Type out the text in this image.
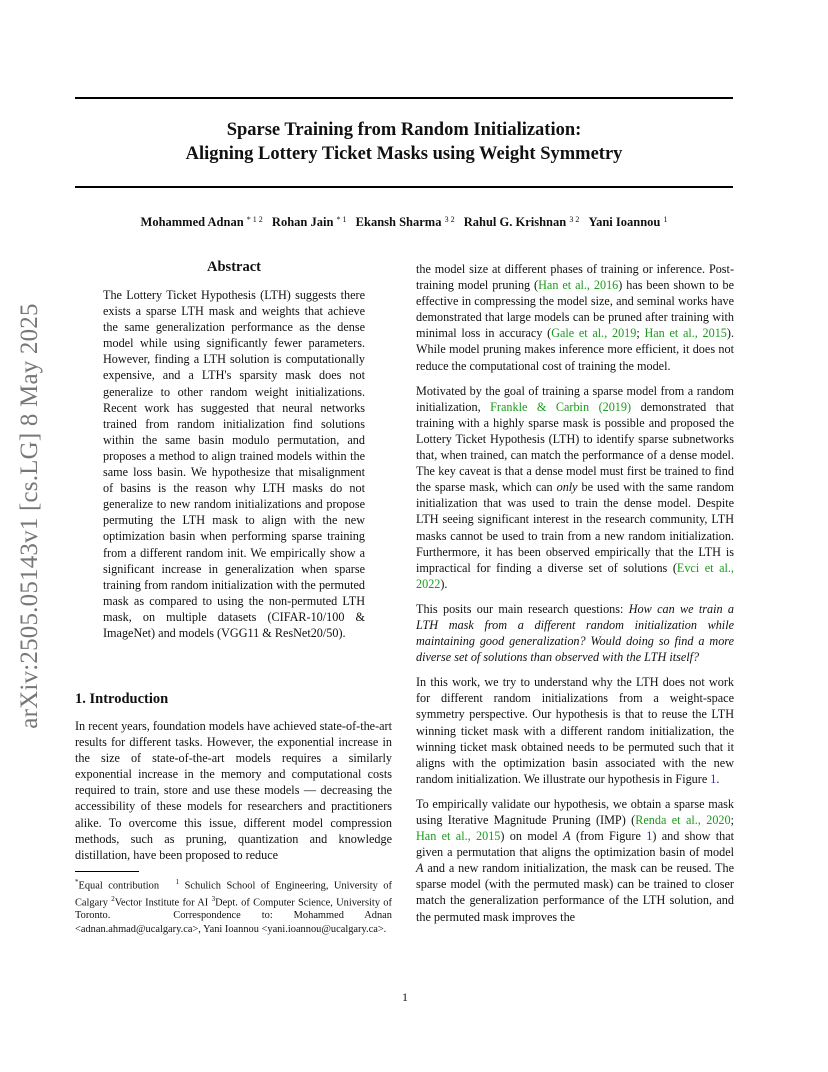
Sparse Training from Random Initialization:
Aligning Lottery Ticket Masks using Weight Symmetry
Mohammed Adnan $^{* 1 2}$ Rohan Jain $^{* 1}$ Ekansh Sharma $^{3 2}$ Rahul G. Krishnan $^{3 2}$ Yani Ioannou $^1$
arXiv:2505.05143v1 [cs.LG] 8 May 2025
Abstract
The Lottery Ticket Hypothesis (LTH) suggests there exists a sparse LTH mask and weights that achieve the same generalization performance as the dense model while using significantly fewer parameters. However, finding a LTH solution is computationally expensive, and a LTH's sparsity mask does not generalize to other random weight initializations. Recent work has suggested that neural networks trained from random initialization find solutions within the same basin modulo permutation, and proposes a method to align trained models within the same loss basin. We hypothesize that misalignment of basins is the reason why LTH masks do not generalize to new random initializations and propose permuting the LTH mask to align with the new optimization basin when performing sparse training from a different random init. We empirically show a significant increase in generalization when sparse training from random initialization with the permuted mask as compared to using the non-permuted LTH mask, on multiple datasets (CIFAR-10/100 & ImageNet) and models (VGG11 & ResNet20/50).
1. Introduction
In recent years, foundation models have achieved state-of-the-art results for different tasks. However, the exponential increase in the size of state-of-the-art models requires a similarly exponential increase in the memory and computational costs required to train, store and use these models — decreasing the accessibility of these models for researchers and practitioners alike. To overcome this issue, different model compression methods, such as pruning, quantization and knowledge distillation, have been proposed to reduce
*Equal contribution $^1$ Schulich School of Engineering, University of Calgary $^2$Vector Institute for AI $^3$Dept. of Computer Science, University of Toronto.	Correspondence to: Mohammed Adnan <adnan.ahmad@ucalgary.ca>, Yani Ioannou <yani.ioannou@ucalgary.ca>.

the model size at different phases of training or inference. Post-training model pruning (Han et al., 2016) has been shown to be effective in compressing the model size, and seminal works have demonstrated that large models can be pruned after training with minimal loss in accuracy (Gale et al., 2019; Han et al., 2015). While model pruning makes inference more efficient, it does not reduce the computational cost of training the model.

Motivated by the goal of training a sparse model from a random initialization, Frankle & Carbin (2019) demonstrated that training with a highly sparse mask is possible and proposed the Lottery Ticket Hypothesis (LTH) to identify sparse subnetworks that, when trained, can match the performance of a dense model. The key caveat is that a dense model must first be trained to find the sparse mask, which can only be used with the same random initialization that was used to train the dense model. Despite LTH seeing significant interest in the research community, LTH masks cannot be used to train from a new random initialization. Furthermore, it has been observed empirically that the LTH is impractical for finding a diverse set of solutions (Evci et al., 2022).

This posits our main research questions: How can we train a LTH mask from a different random initialization while maintaining good generalization? Would doing so find a more diverse set of solutions than observed with the LTH itself?

In this work, we try to understand why the LTH does not work for different random initializations from a weight-space symmetry perspective. Our hypothesis is that to reuse the LTH winning ticket mask with a different random initialization, the winning ticket mask obtained needs to be permuted such that it aligns with the optimization basin associated with the new random initialization. We illustrate our hypothesis in Figure 1.

To empirically validate our hypothesis, we obtain a sparse mask using Iterative Magnitude Pruning (IMP) (Renda et al., 2020; Han et al., 2015) on model A (from Figure 1) and show that given a permutation that aligns the optimization basin of model A and a new random initialization, the mask can be reused. The sparse model (with the permuted mask) can be trained to closer match the generalization performance of the LTH solution, and the permuted mask improves the

1
